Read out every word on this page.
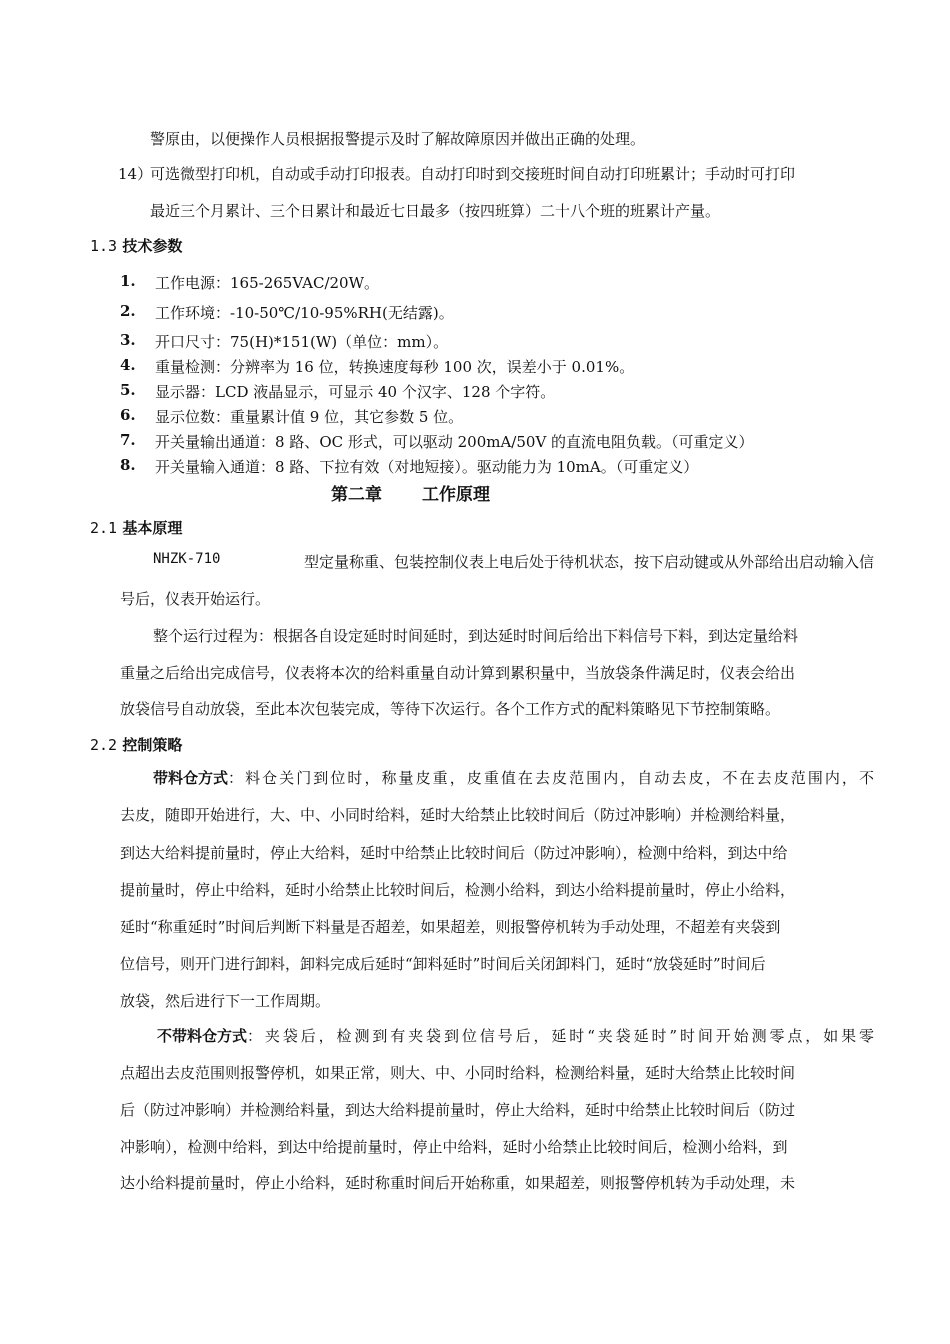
警原由，以便操作人员根据报警提示及时了解故障原因并做出正确的处理。
14）
可选微型打印机，自动或手动打印报表。自动打印时到交接班时间自动打印班累计；手动时可打印
最近三个月累计、三个日累计和最近七日最多（按四班算）二十八个班的班累计产量。
1.3 技术参数
1.	工作电源：165-265VAC/20W。
2.	工作环境：-10-50℃/10-95%RH(无结露)。
3.	开口尺寸：75(H)*151(W)（单位：mm）。
4.	重量检测：分辨率为 16 位，转换速度每秒 100 次，误差小于 0.01%。
5.	显示器：LCD 液晶显示，可显示 40 个汉字、128 个字符。
6.	显示位数：重量累计值 9 位，其它参数 5 位。
7.	开关量输出通道：8 路、OC 形式，可以驱动 200mA/50V 的直流电阻负载。（可重定义）
8.	开关量输入通道：8 路、下拉有效（对地短接）。驱动能力为 10mA。（可重定义）
第二章 工作原理
2.1 基本原理
NHZK-710	型定量称重、包装控制仪表上电后处于待机状态，按下启动键或从外部给出启动输入信
号后，仪表开始运行。
整个运行过程为：根据各自设定延时时间延时，到达延时时间后给出下料信号下料，到达定量给料
重量之后给出完成信号，仪表将本次的给料重量自动计算到累积量中，当放袋条件满足时，仪表会给出
放袋信号自动放袋，至此本次包装完成，等待下次运行。各个工作方式的配料策略见下节控制策略。
2.2 控制策略
带料仓方式 ：料仓关门到位时，称量皮重，皮重值在去皮范围内，自动去皮，不在去皮范围内，不
去皮，随即开始进行，大、中、小同时给料，延时大给禁止比较时间后（防过冲影响）并检测给料量，
到达大给料提前量时，停止大给料，延时中给禁止比较时间后（防过冲影响），检测中给料，到达中给
提前量时，停止中给料，延时小给禁止比较时间后，检测小给料，到达小给料提前量时，停止小给料，
延时“称重延时”时间后判断下料量是否超差，如果超差，则报警停机转为手动处理，不超差有夹袋到
位信号，则开门进行卸料，卸料完成后延时“卸料延时”时间后关闭卸料门，延时“放袋延时”时间后
放袋，然后进行下一工作周期。
不带料仓方式 ：夹袋后，检测到有夹袋到位信号后，延时“夹袋延时”时间开始测零点，如果零
点超出去皮范围则报警停机，如果正常，则大、中、小同时给料，检测给料量，延时大给禁止比较时间
后（防过冲影响）并检测给料量，到达大给料提前量时，停止大给料，延时中给禁止比较时间后（防过
冲影响），检测中给料，到达中给提前量时，停止中给料，延时小给禁止比较时间后，检测小给料，到
达小给料提前量时，停止小给料，延时称重时间后开始称重，如果超差，则报警停机转为手动处理，未
